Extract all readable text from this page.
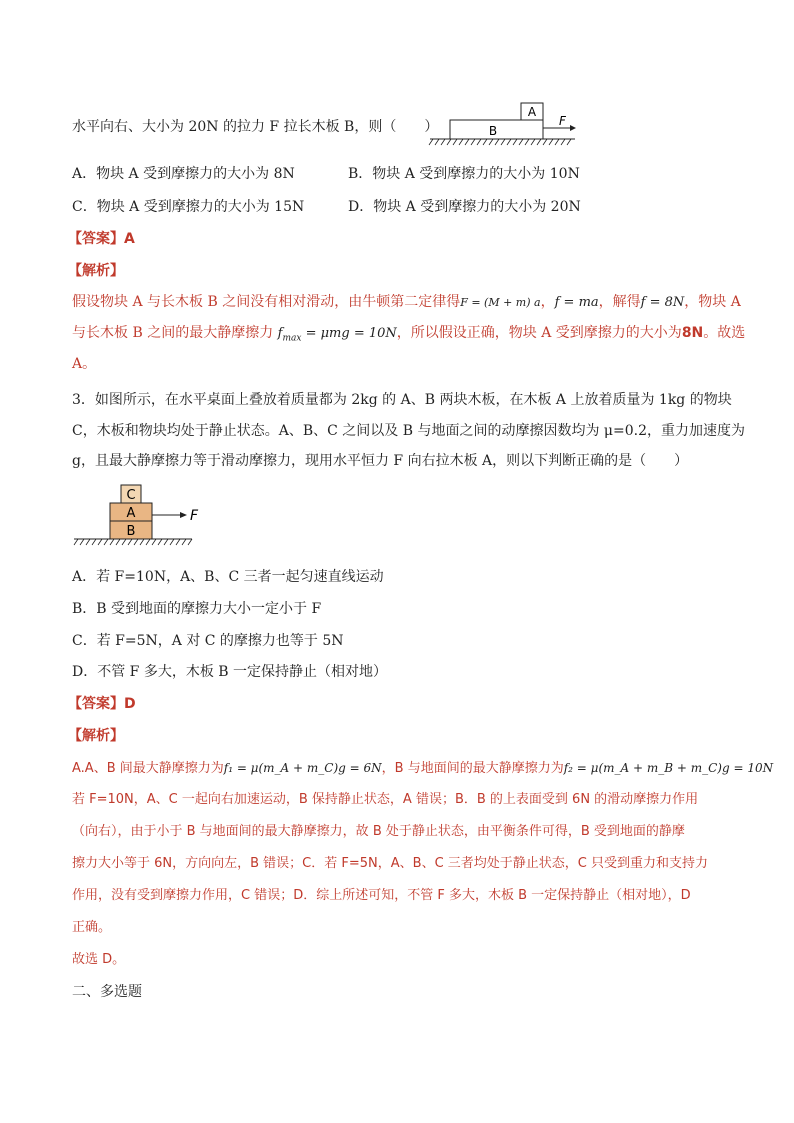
水平向右、大小为 20N 的拉力 F 拉长木板 B，则（　　）
A
B
F
A．物块 A 受到摩擦力的大小为 8N	B．物块 A 受到摩擦力的大小为 10N
C．物块 A 受到摩擦力的大小为 15N	D．物块 A 受到摩擦力的大小为 20N
【答案】A
【解析】
假设物块 A 与长木板 B 之间没有相对滑动，由牛顿第二定律得F = (M + m) a，f = ma，解得f = 8N，物块 A
与长木板 B 之间的最大静摩擦力 $f_{max} = \mu mg = 10N$，所以假设正确，物块 A 受到摩擦力的大小为8N。故选
A。
3．如图所示，在水平桌面上叠放着质量都为 2kg 的 A、B 两块木板，在木板 A 上放着质量为 1kg 的物块
C，木板和物块均处于静止状态。A、B、C 之间以及 B 与地面之间的动摩擦因数均为 μ=0.2，重力加速度为
g，且最大静摩擦力等于滑动摩擦力，现用水平恒力 F 向右拉木板 A，则以下判断正确的是（　　）
C
A
B
F
A．若 F=10N，A、B、C 三者一起匀速直线运动
B．B 受到地面的摩擦力大小一定小于 F
C．若 F=5N，A 对 C 的摩擦力也等于 5N
D．不管 F 多大，木板 B 一定保持静止（相对地）
【答案】D
【解析】
A.A、B 间最大静摩擦力为f₁ = μ(m_A + m_C)g = 6N，B 与地面间的最大静摩擦力为f₂ = μ(m_A + m_B + m_C)g = 10N
若 F=10N，A、C 一起向右加速运动，B 保持静止状态，A 错误；B．B 的上表面受到 6N 的滑动摩擦力作用
（向右），由于小于 B 与地面间的最大静摩擦力，故 B 处于静止状态，由平衡条件可得，B 受到地面的静摩
擦力大小等于 6N，方向向左，B 错误；C．若 F=5N，A、B、C 三者均处于静止状态，C 只受到重力和支持力
作用，没有受到摩擦力作用，C 错误；D．综上所述可知，不管 F 多大，木板 B 一定保持静止（相对地），D
正确。
故选 D。
二、多选题
